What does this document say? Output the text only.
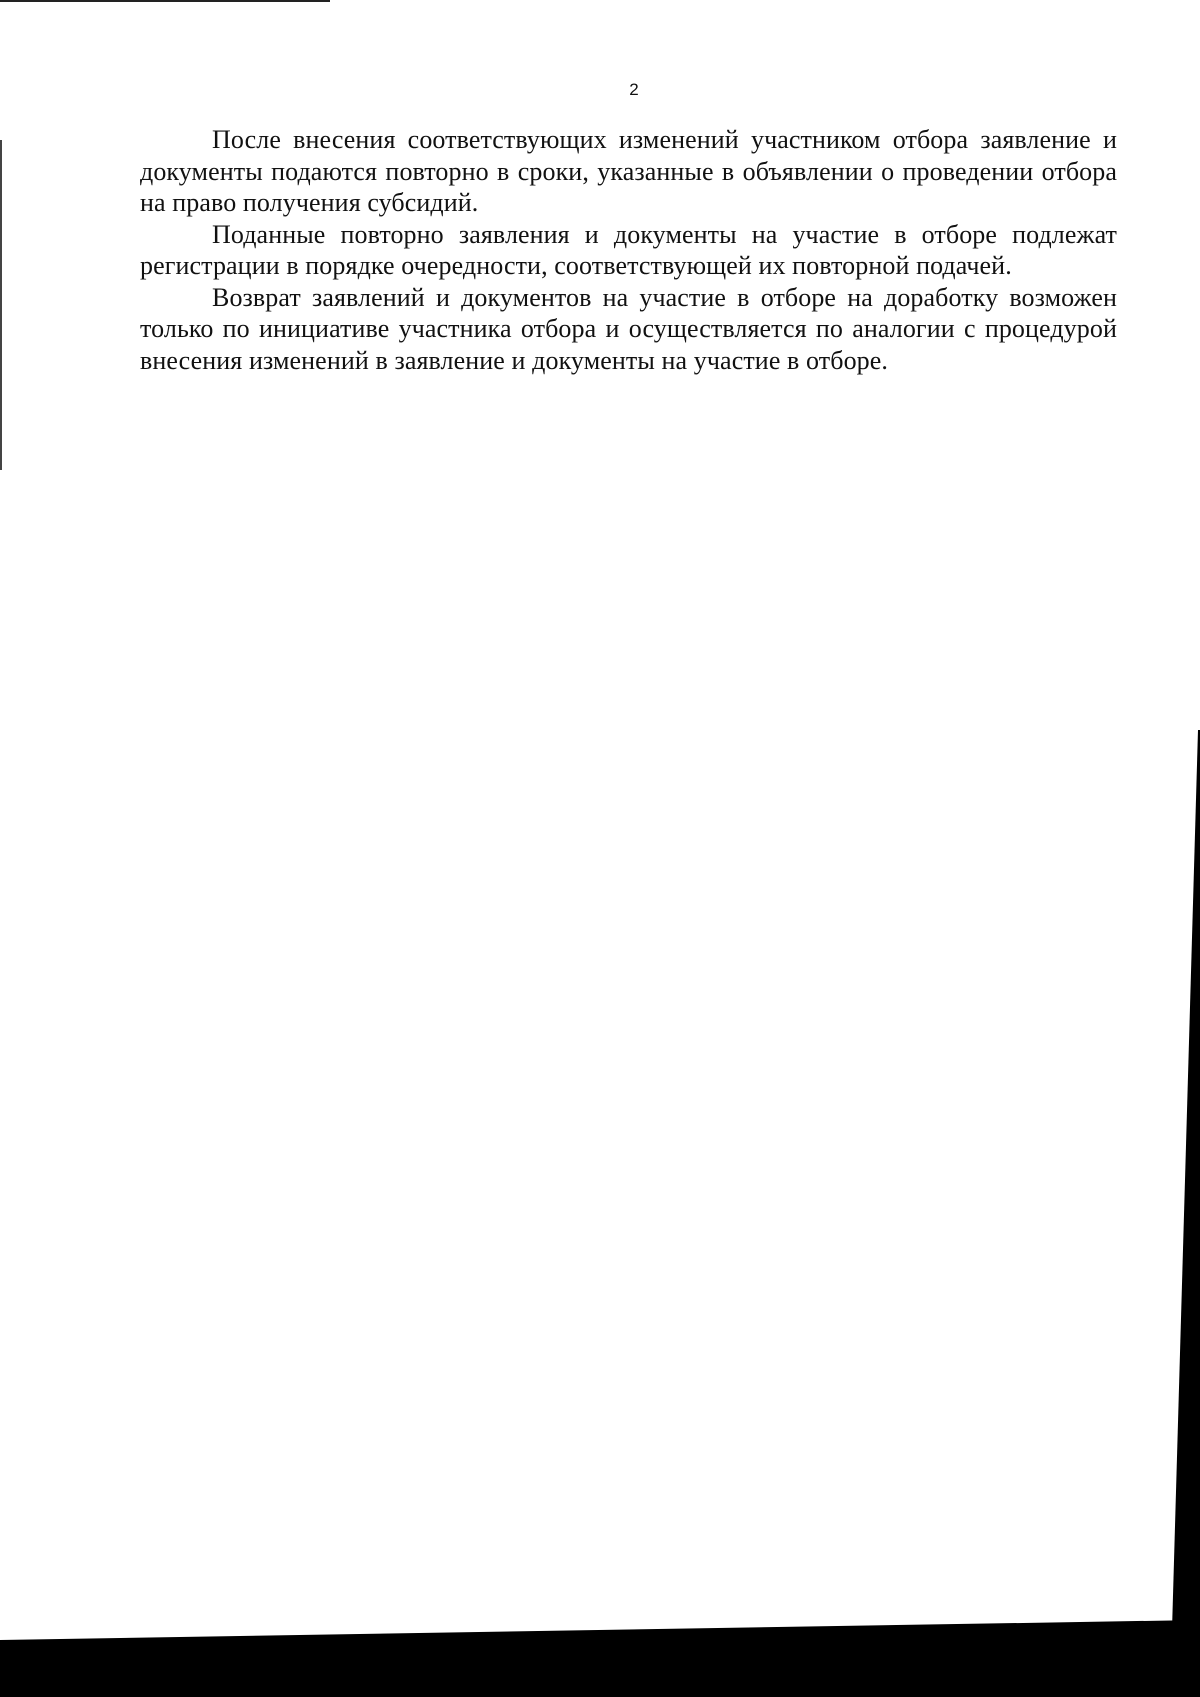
2

После внесения соответствующих изменений участником отбора заявление и документы подаются повторно в сроки, указанные в объявлении о проведении отбора на право получения субсидий.

Поданные повторно заявления и документы на участие в отборе подлежат регистрации в порядке очередности, соответствующей их повторной подачей.

Возврат заявлений и документов на участие в отборе на доработку возможен только по инициативе участника отбора и осуществляется по аналогии с процедурой внесения изменений в заявление и документы на участие в отборе.
